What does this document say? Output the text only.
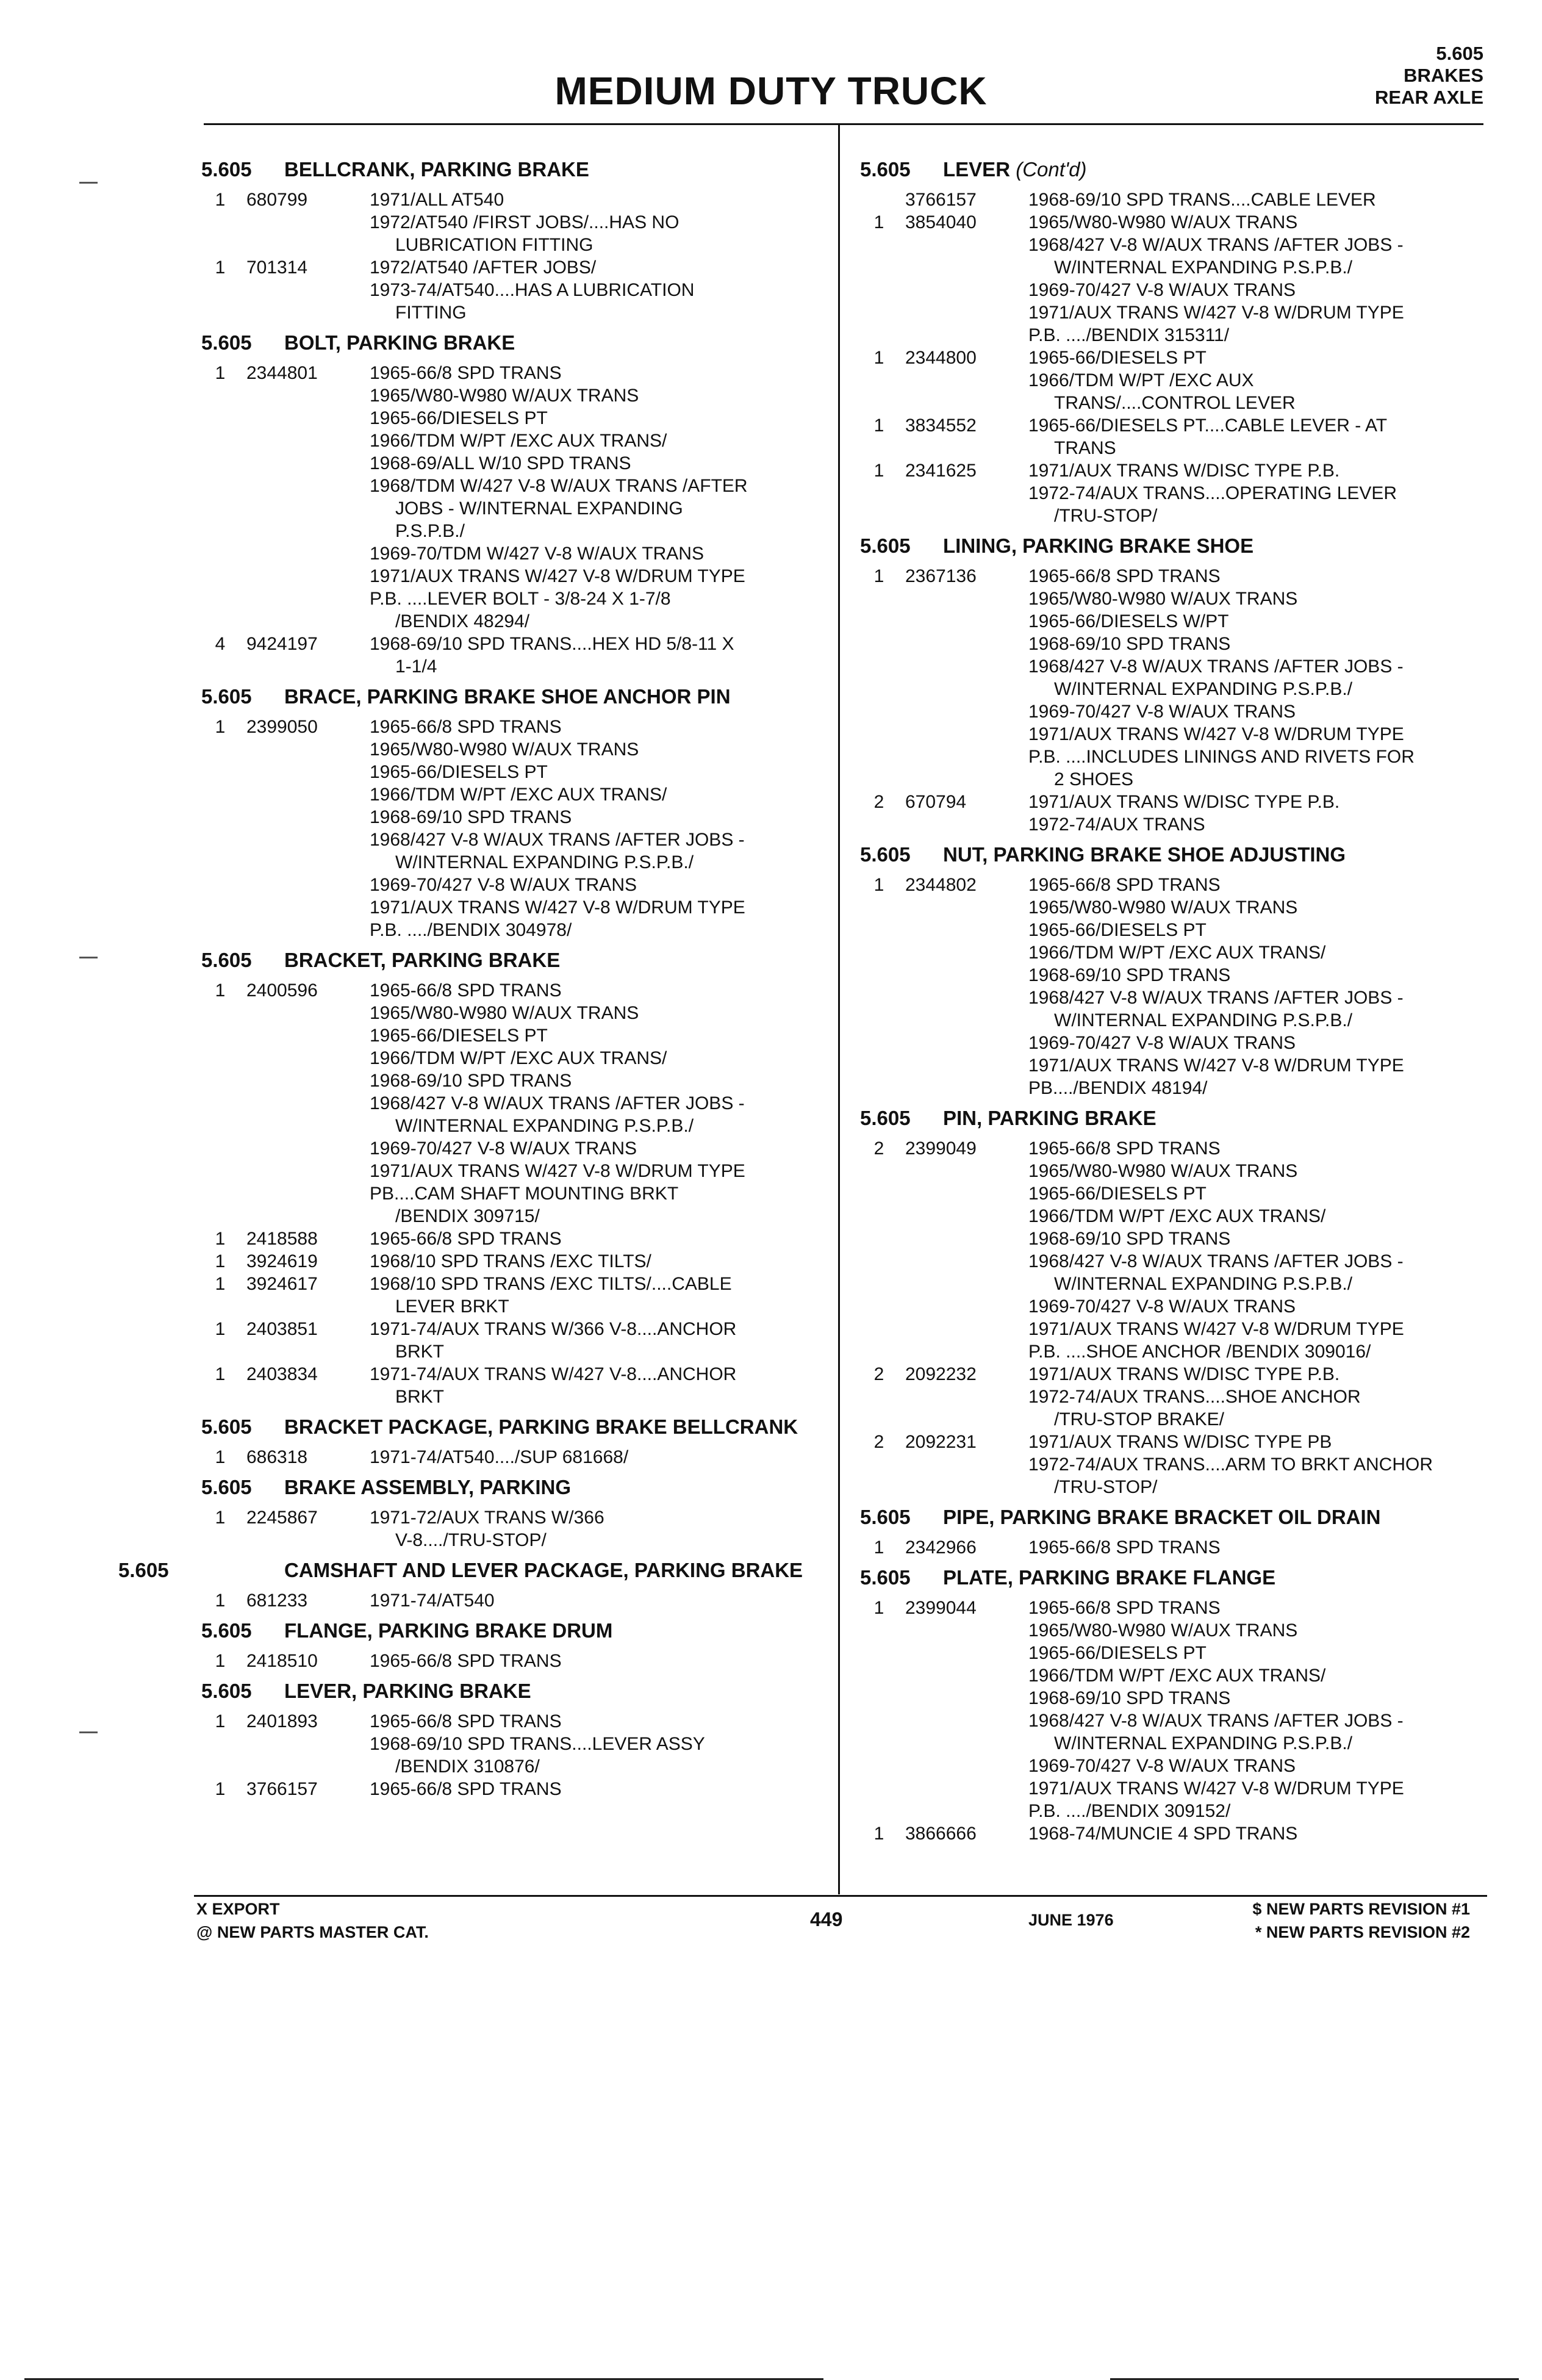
MEDIUM DUTY TRUCK
5.605
BRAKES
REAR AXLE
5.605 BELLCRANK, PARKING BRAKE
1	680799	1971/ALL AT540
1972/AT540 /FIRST JOBS/....HAS NO
LUBRICATION FITTING
1	701314	1972/AT540 /AFTER JOBS/
1973-74/AT540....HAS A LUBRICATION
FITTING
5.605 BOLT, PARKING BRAKE
1	2344801	1965-66/8 SPD TRANS
1965/W80-W980 W/AUX TRANS
1965-66/DIESELS PT
1966/TDM W/PT /EXC AUX TRANS/
1968-69/ALL W/10 SPD TRANS
1968/TDM W/427 V-8 W/AUX TRANS /AFTER
JOBS - W/INTERNAL EXPANDING
P.S.P.B./
1969-70/TDM W/427 V-8 W/AUX TRANS
1971/AUX TRANS W/427 V-8 W/DRUM TYPE
P.B. ....LEVER BOLT - 3/8-24 X 1-7/8
/BENDIX 48294/
4	9424197	1968-69/10 SPD TRANS....HEX HD 5/8-11 X
1-1/4
5.605 BRACE, PARKING BRAKE SHOE ANCHOR PIN
1	2399050	1965-66/8 SPD TRANS
1965/W80-W980 W/AUX TRANS
1965-66/DIESELS PT
1966/TDM W/PT /EXC AUX TRANS/
1968-69/10 SPD TRANS
1968/427 V-8 W/AUX TRANS /AFTER JOBS -
W/INTERNAL EXPANDING P.S.P.B./
1969-70/427 V-8 W/AUX TRANS
1971/AUX TRANS W/427 V-8 W/DRUM TYPE
P.B. ..../BENDIX 304978/
5.605 BRACKET, PARKING BRAKE
1	2400596	1965-66/8 SPD TRANS
1965/W80-W980 W/AUX TRANS
1965-66/DIESELS PT
1966/TDM W/PT /EXC AUX TRANS/
1968-69/10 SPD TRANS
1968/427 V-8 W/AUX TRANS /AFTER JOBS -
W/INTERNAL EXPANDING P.S.P.B./
1969-70/427 V-8 W/AUX TRANS
1971/AUX TRANS W/427 V-8 W/DRUM TYPE
PB....CAM SHAFT MOUNTING BRKT
/BENDIX 309715/
1	2418588	1965-66/8 SPD TRANS
1	3924619	1968/10 SPD TRANS /EXC TILTS/
1	3924617	1968/10 SPD TRANS /EXC TILTS/....CABLE
LEVER BRKT
1	2403851	1971-74/AUX TRANS W/366 V-8....ANCHOR
BRKT
1	2403834	1971-74/AUX TRANS W/427 V-8....ANCHOR
BRKT
5.605 BRACKET PACKAGE, PARKING BRAKE BELLCRANK
1	686318	1971-74/AT540..../SUP 681668/
5.605 BRAKE ASSEMBLY, PARKING
1	2245867	1971-72/AUX TRANS W/366
V-8..../TRU-STOP/
5.605	CAMSHAFT AND LEVER PACKAGE, PARKING BRAKE
1	681233	1971-74/AT540
5.605 FLANGE, PARKING BRAKE DRUM
1	2418510	1965-66/8 SPD TRANS
5.605 LEVER, PARKING BRAKE
1	2401893	1965-66/8 SPD TRANS
1968-69/10 SPD TRANS....LEVER ASSY
/BENDIX 310876/
1	3766157	1965-66/8 SPD TRANS
5.605 LEVER (Cont'd)
3766157	1968-69/10 SPD TRANS....CABLE LEVER
1	3854040	1965/W80-W980 W/AUX TRANS
1968/427 V-8 W/AUX TRANS /AFTER JOBS -
W/INTERNAL EXPANDING P.S.P.B./
1969-70/427 V-8 W/AUX TRANS
1971/AUX TRANS W/427 V-8 W/DRUM TYPE
P.B. ..../BENDIX 315311/
1	2344800	1965-66/DIESELS PT
1966/TDM W/PT /EXC AUX
TRANS/....CONTROL LEVER
1	3834552	1965-66/DIESELS PT....CABLE LEVER - AT
TRANS
1	2341625	1971/AUX TRANS W/DISC TYPE P.B.
1972-74/AUX TRANS....OPERATING LEVER
/TRU-STOP/
5.605 LINING, PARKING BRAKE SHOE
1	2367136	1965-66/8 SPD TRANS
1965/W80-W980 W/AUX TRANS
1965-66/DIESELS W/PT
1968-69/10 SPD TRANS
1968/427 V-8 W/AUX TRANS /AFTER JOBS -
W/INTERNAL EXPANDING P.S.P.B./
1969-70/427 V-8 W/AUX TRANS
1971/AUX TRANS W/427 V-8 W/DRUM TYPE
P.B. ....INCLUDES LININGS AND RIVETS FOR
2 SHOES
2	670794	1971/AUX TRANS W/DISC TYPE P.B.
1972-74/AUX TRANS
5.605 NUT, PARKING BRAKE SHOE ADJUSTING
1	2344802	1965-66/8 SPD TRANS
1965/W80-W980 W/AUX TRANS
1965-66/DIESELS PT
1966/TDM W/PT /EXC AUX TRANS/
1968-69/10 SPD TRANS
1968/427 V-8 W/AUX TRANS /AFTER JOBS -
W/INTERNAL EXPANDING P.S.P.B./
1969-70/427 V-8 W/AUX TRANS
1971/AUX TRANS W/427 V-8 W/DRUM TYPE
PB..../BENDIX 48194/
5.605 PIN, PARKING BRAKE
2	2399049	1965-66/8 SPD TRANS
1965/W80-W980 W/AUX TRANS
1965-66/DIESELS PT
1966/TDM W/PT /EXC AUX TRANS/
1968-69/10 SPD TRANS
1968/427 V-8 W/AUX TRANS /AFTER JOBS -
W/INTERNAL EXPANDING P.S.P.B./
1969-70/427 V-8 W/AUX TRANS
1971/AUX TRANS W/427 V-8 W/DRUM TYPE
P.B. ....SHOE ANCHOR /BENDIX 309016/
2	2092232	1971/AUX TRANS W/DISC TYPE P.B.
1972-74/AUX TRANS....SHOE ANCHOR
/TRU-STOP BRAKE/
2	2092231	1971/AUX TRANS W/DISC TYPE PB
1972-74/AUX TRANS....ARM TO BRKT ANCHOR
/TRU-STOP/
5.605 PIPE, PARKING BRAKE BRACKET OIL DRAIN
1	2342966	1965-66/8 SPD TRANS
5.605 PLATE, PARKING BRAKE FLANGE
1	2399044	1965-66/8 SPD TRANS
1965/W80-W980 W/AUX TRANS
1965-66/DIESELS PT
1966/TDM W/PT /EXC AUX TRANS/
1968-69/10 SPD TRANS
1968/427 V-8 W/AUX TRANS /AFTER JOBS -
W/INTERNAL EXPANDING P.S.P.B./
1969-70/427 V-8 W/AUX TRANS
1971/AUX TRANS W/427 V-8 W/DRUM TYPE
P.B. ..../BENDIX 309152/
1	3866666	1968-74/MUNCIE 4 SPD TRANS
X EXPORT
@ NEW PARTS MASTER CAT.
449	JUNE 1976
$ NEW PARTS REVISION #1
* NEW PARTS REVISION #2
